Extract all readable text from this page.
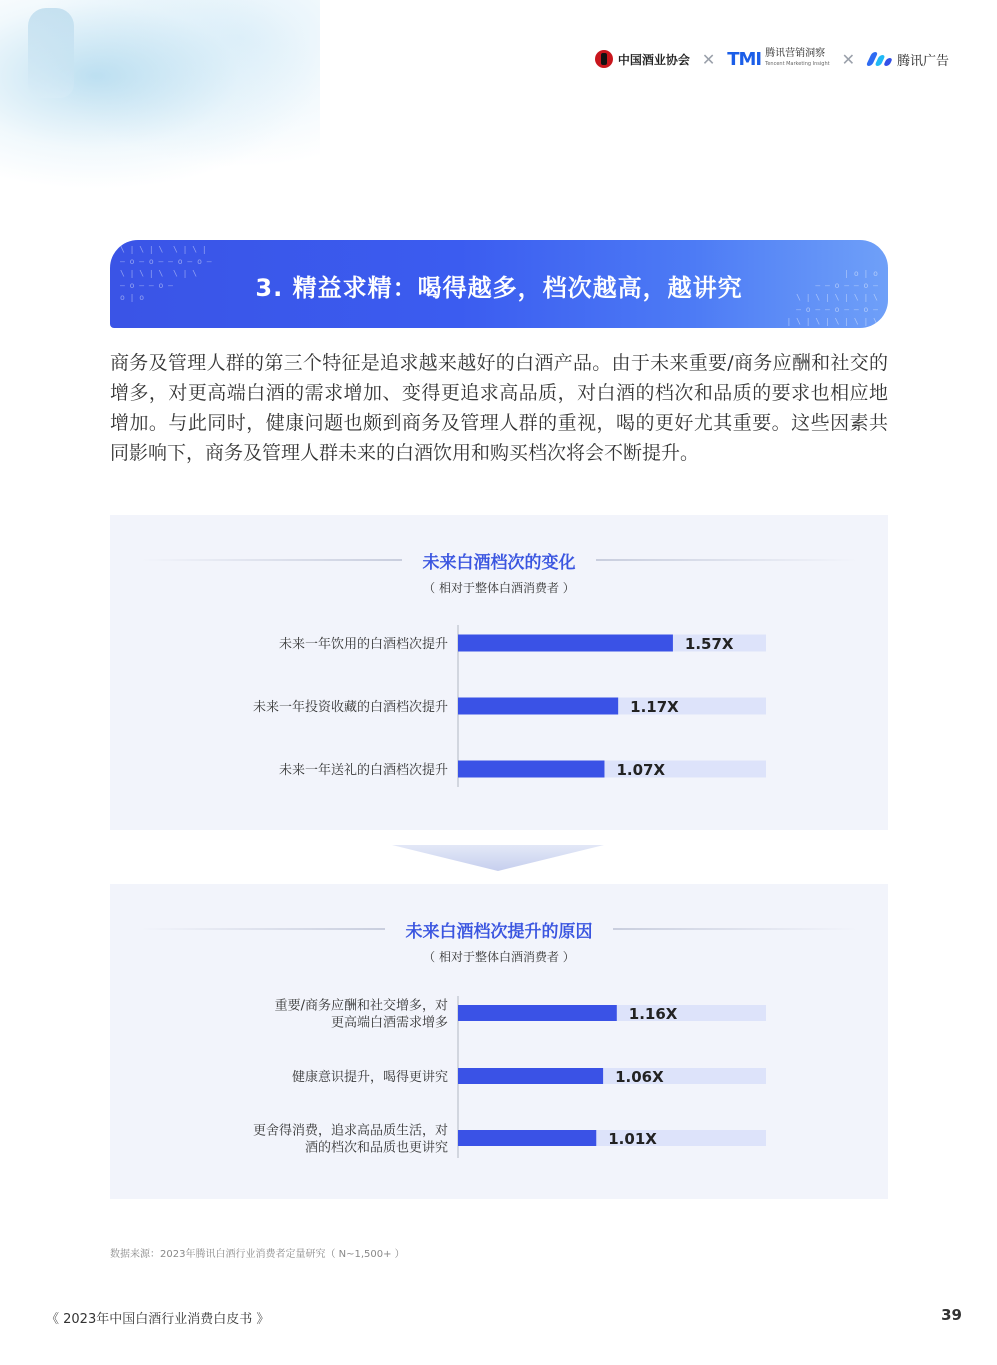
中国酒业协会 ✕ TMI 腾讯营销洞察
Tencent Marketing Insight ✕	腾讯广告
\ | \ | \  \ | \ |
— o — o — — o — o —
\ | \ | \  \ | \
— o — — o —
o | o
| o | o
— — o — — o —
\ | \ | \ | \ | \
— o — — o — — o —
| \ | \ | \ | \ | \
3. 精益求精：喝得越多，档次越高，越讲究

商务及管理人群的第三个特征是追求越来越好的白酒产品。由于未来重要/商务应酬和社交的增多，对更高端白酒的需求增加、变得更追求高品质，对白酒的档次和品质的要求也相应地增加。与此同时，健康问题也颇到商务及管理人群的重视，喝的更好尤其重要。这些因素共同影响下，商务及管理人群未来的白酒饮用和购买档次将会不断提升。

未来白酒档次的变化
（ 相对于整体白酒消费者 ）
1.57X
未来一年饮用的白酒档次提升
1.17X
未来一年投资收藏的白酒档次提升
1.07X
未来一年送礼的白酒档次提升
未来白酒档次提升的原因
（ 相对于整体白酒消费者 ）
1.16X
重要/商务应酬和社交增多，对
更高端白酒需求增多
1.06X
健康意识提升，喝得更讲究
1.01X
更舍得消费，追求高品质生活，对
酒的档次和品质也更讲究
数据来源：2023年腾讯白酒行业消费者定量研究（ N~1,500+ ）
《 2023年中国白酒行业消费白皮书 》	39
